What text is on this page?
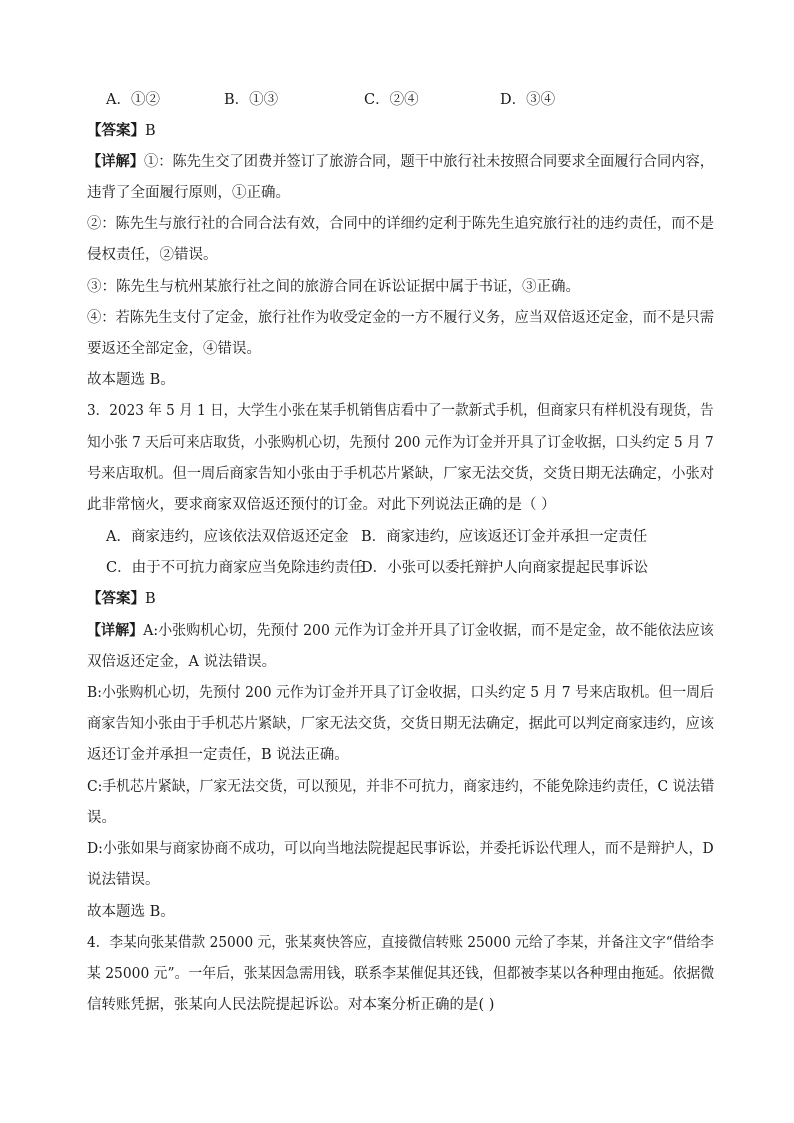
A．①②	B．①③	C．②④	D．③④
【答案】B
【详解】①：陈先生交了团费并签订了旅游合同，题干中旅行社未按照合同要求全面履行合同内容，
违背了全面履行原则，①正确。
②：陈先生与旅行社的合同合法有效，合同中的详细约定利于陈先生追究旅行社的违约责任，而不是
侵权责任，②错误。
③：陈先生与杭州某旅行社之间的旅游合同在诉讼证据中属于书证，③正确。
④：若陈先生支付了定金，旅行社作为收受定金的一方不履行义务，应当双倍返还定金，而不是只需
要返还全部定金，④错误。
故本题选 B。
3．2023 年 5 月 1 日，大学生小张在某手机销售店看中了一款新式手机，但商家只有样机没有现货，告
知小张 7 天后可来店取货，小张购机心切，先预付 200 元作为订金并开具了订金收据，口头约定 5 月 7
号来店取机。但一周后商家告知小张由于手机芯片紧缺，厂家无法交货，交货日期无法确定，小张对
此非常恼火，要求商家双倍返还预付的订金。对此下列说法正确的是（ ）
A．商家违约，应该依法双倍返还定金 B．商家违约，应该返还订金并承担一定责任
C．由于不可抗力商家应当免除违约责任
D．小张可以委托辩护人向商家提起民事诉讼
【答案】B
【详解】A:小张购机心切，先预付 200 元作为订金并开具了订金收据，而不是定金，故不能依法应该
双倍返还定金，A 说法错误。
B:小张购机心切，先预付 200 元作为订金并开具了订金收据，口头约定 5 月 7 号来店取机。但一周后
商家告知小张由于手机芯片紧缺，厂家无法交货，交货日期无法确定，据此可以判定商家违约，应该
返还订金并承担一定责任，B 说法正确。
C:手机芯片紧缺，厂家无法交货，可以预见，并非不可抗力，商家违约，不能免除违约责任，C 说法错
误。
D:小张如果与商家协商不成功，可以向当地法院提起民事诉讼，并委托诉讼代理人，而不是辩护人，D
说法错误。
故本题选 B。
4．李某向张某借款 25000 元，张某爽快答应，直接微信转账 25000 元给了李某，并备注文字“借给李
某 25000 元”。一年后，张某因急需用钱，联系李某催促其还钱，但都被李某以各种理由拖延。依据微
信转账凭据，张某向人民法院提起诉讼。对本案分析正确的是( )
